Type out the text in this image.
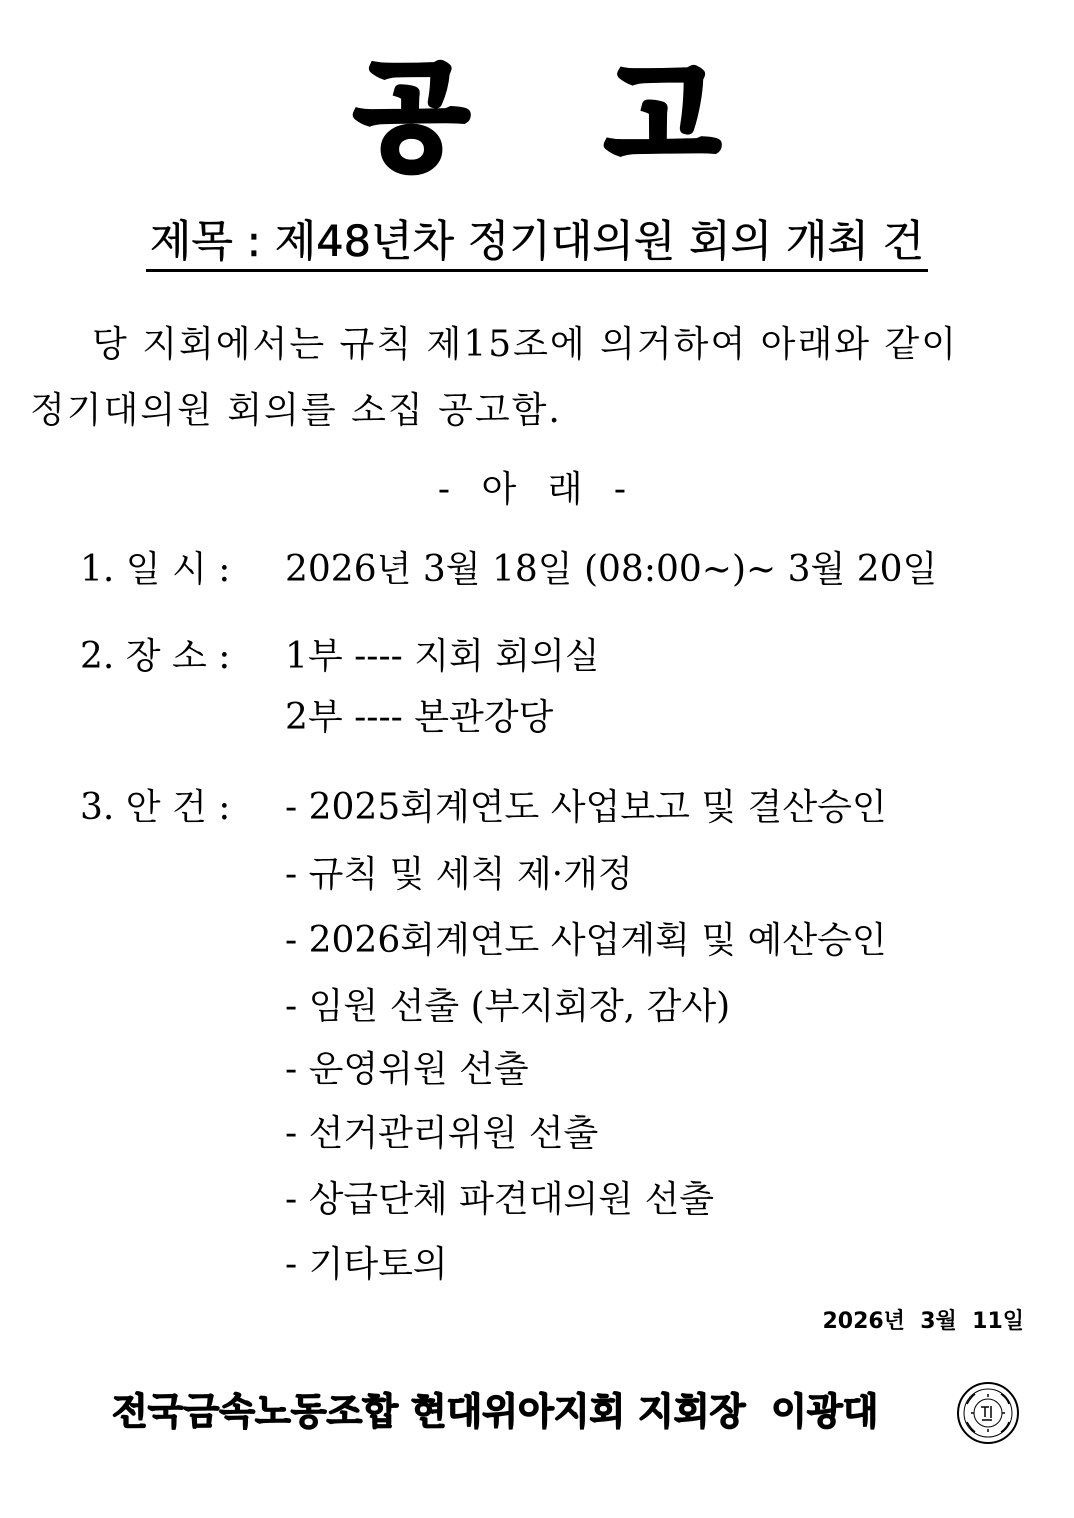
공 고
제목 : 제48년차 정기대의원 회의 개최 건
당 지회에서는 규칙 제15조에 의거하여 아래와 같이
정기대의원 회의를 소집 공고함.
- 아 래 -
1. 일 시 : 2026년 3월 18일 (08:00~)~ 3월 20일
2. 장 소 : 1부 ---- 지회 회의실
2부 ---- 본관강당
3. 안 건 : - 2025회계연도 사업보고 및 결산승인
- 규칙 및 세칙 제·개정
- 2026회계연도 사업계획 및 예산승인
- 임원 선출 (부지회장, 감사)
- 운영위원 선출
- 선거관리위원 선출
- 상급단체 파견대의원 선출
- 기타토의
2026년  3월  11일
전국금속노동조합 현대위아지회 지회장  이광대
